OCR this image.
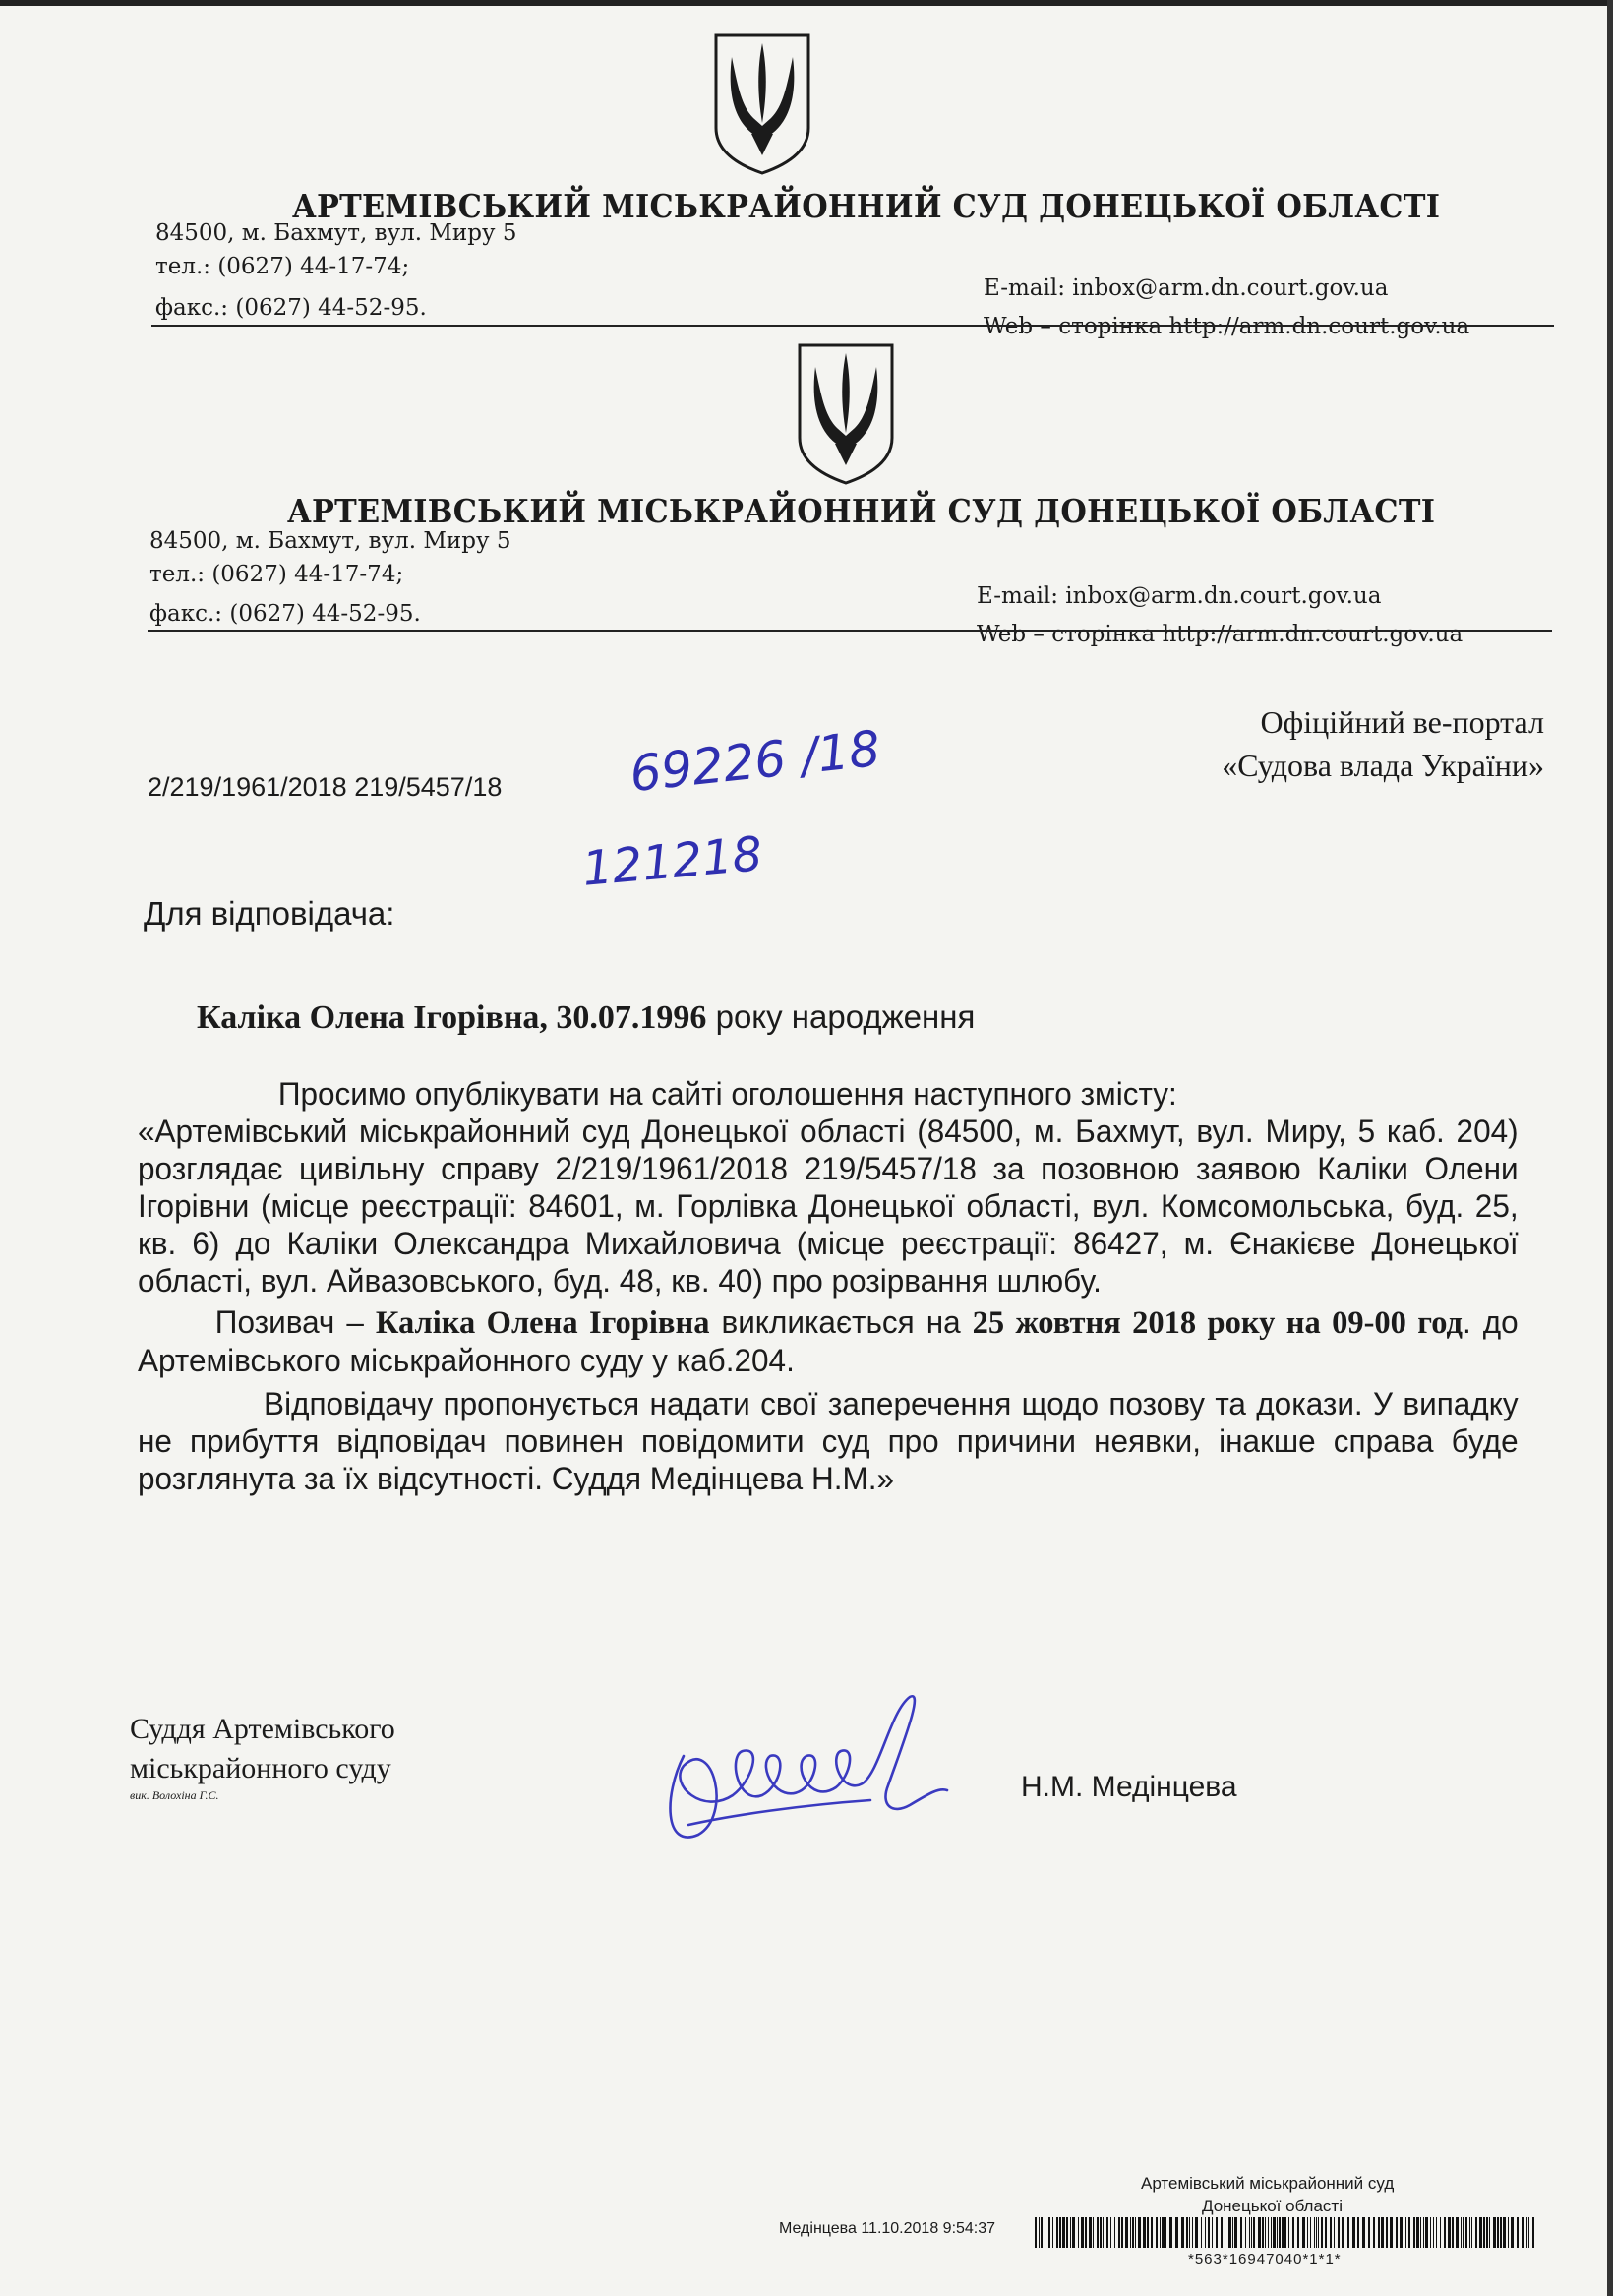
АРТЕМІВСЬКИЙ МІСЬКРАЙОННИЙ СУД ДОНЕЦЬКОЇ ОБЛАСТІ
84500, м. Бахмут, вул. Миру 5
тел.: (0627) 44-17-74;
факс.: (0627) 44-52-95.
E-mail: inbox@arm.dn.court.gov.ua
Web – сторінка http://arm.dn.court.gov.ua
АРТЕМІВСЬКИЙ МІСЬКРАЙОННИЙ СУД ДОНЕЦЬКОЇ ОБЛАСТІ
84500, м. Бахмут, вул. Миру 5
тел.: (0627) 44-17-74;
факс.: (0627) 44-52-95.
E-mail: inbox@arm.dn.court.gov.ua
Web – сторінка http://arm.dn.court.gov.ua
Офіційний ве-портал
«Судова влада України»
2/219/1961/2018 219/5457/18	69226 /18
121218
Для відповідача:
Каліка Олена Ігорівна, 30.07.1996 року народження

Просимо опублікувати на сайті оголошення наступного змісту:

«Артемівський міськрайонний суд Донецької області (84500, м. Бахмут, вул. Миру, 5 каб. 204) розглядає цивільну справу 2/219/1961/2018 219/5457/18 за позовною заявою Каліки Олени Ігорівни (місце реєстрації: 84601, м. Горлівка Донецької області, вул. Комсомольська, буд. 25, кв. 6) до Каліки Олександра Михайловича (місце реєстрації: 86427, м. Єнакієве Донецької області, вул. Айвазовського, буд. 48, кв. 40) про розірвання шлюбу.

Позивач – Каліка Олена Ігорівна викликається на 25 жовтня 2018 року на 09-00 год. до Артемівського міськрайонного суду у каб.204.

Відповідачу пропонується надати свої заперечення щодо позову та докази. У випадку не прибуття відповідач повинен повідомити суд про причини неявки, інакше справа буде розглянута за їх відсутності. Суддя Медінцева Н.М.»

Суддя Артемівського
міськрайонного суду
вик. Волохіна Г.С.	Н.М. Медінцева
Артемівський міськрайонний суд
Донецької області
Медінцева 11.10.2018 9:54:37
*563*16947040*1*1*
